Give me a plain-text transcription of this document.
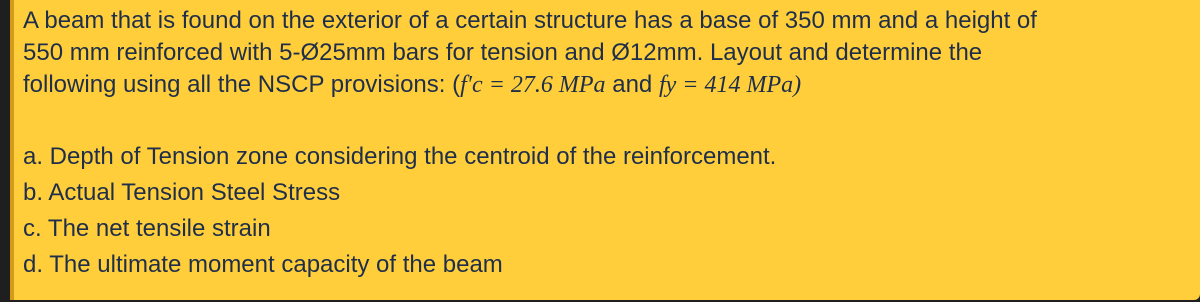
A beam that is found on the exterior of a certain structure has a base of 350 mm and a height of
550 mm reinforced with 5-Ø25mm bars for tension and Ø12mm. Layout and determine the
following using all the NSCP provisions: (f′c = 27.6 MPa and fy = 414 MPa)
a. Depth of Tension zone considering the centroid of the reinforcement.
b. Actual Tension Steel Stress
c. The net tensile strain
d. The ultimate moment capacity of the beam
